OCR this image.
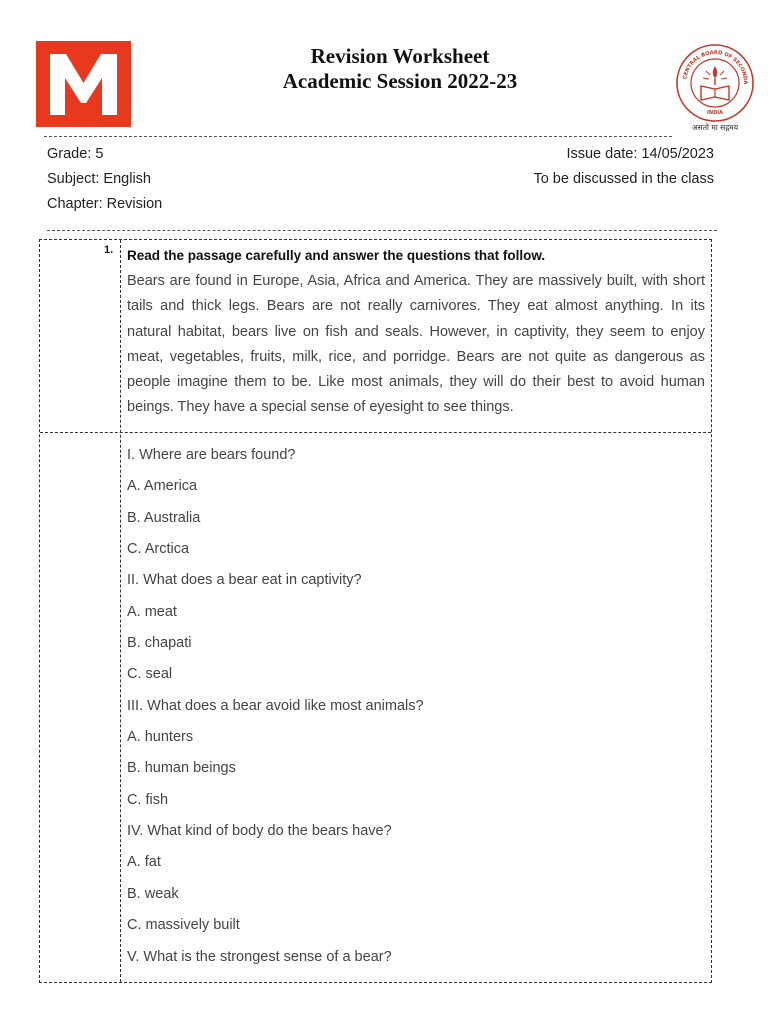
Revision Worksheet
Academic Session 2022-23	CENTRAL BOARD OF SECONDA
INDIA
असतो मा सद्गमय
Grade: 5
Subject: English
Chapter: Revision
Issue date: 14/05/2023
To be discussed in the class
1. Read the passage carefully and answer the questions that follow.
Bears are found in Europe, Asia, Africa and America. They are massively built, with short tails and thick legs. Bears are not really carnivores. They eat almost anything. In its natural habitat, bears live on fish and seals. However, in captivity, they seem to enjoy meat, vegetables, fruits, milk, rice, and porridge. Bears are not quite as dangerous as people imagine them to be. Like most animals, they will do their best to avoid human beings. They have a special sense of eyesight to see things.
I. Where are bears found?
A. America
B. Australia
C. Arctica
II. What does a bear eat in captivity?
A. meat
B. chapati
C. seal
III. What does a bear avoid like most animals?
A. hunters
B. human beings
C. fish
IV. What kind of body do the bears have?
A. fat
B. weak
C. massively built
V. What is the strongest sense of a bear?
